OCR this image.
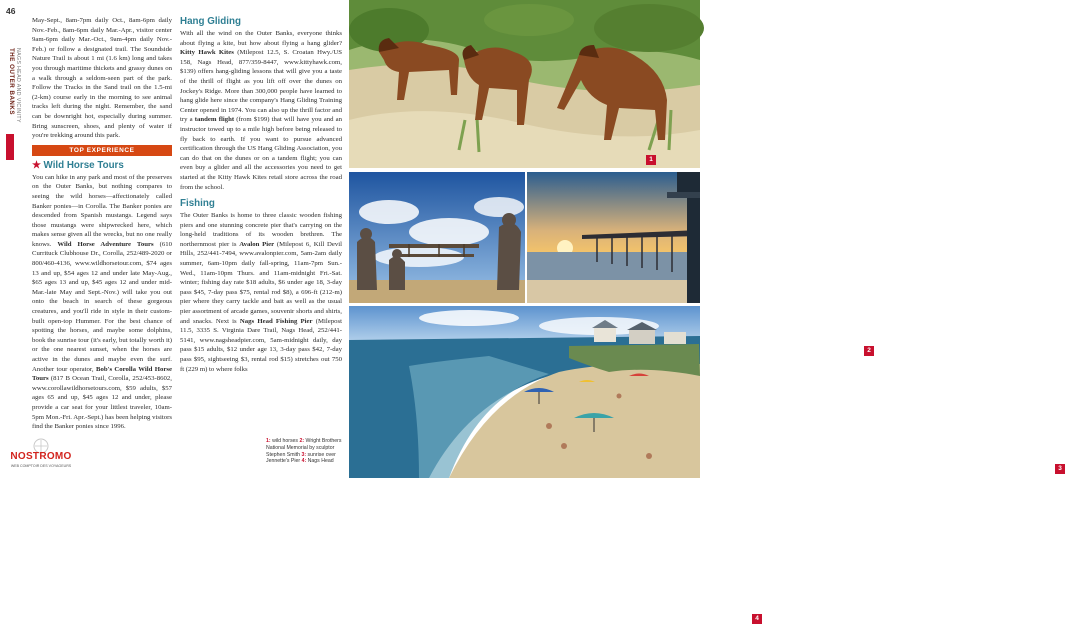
46
THE OUTER BANKS NAGS HEAD AND VICINITY

May-Sept., 8am-7pm daily Oct., 8am-6pm daily Nov.-Feb., 8am-6pm daily Mar.-Apr., visitor center 9am-6pm daily Mar.-Oct., 9am-4pm daily Nov.-Feb.) or follow a designated trail. The Soundside Nature Trail is about 1 mi (1.6 km) long and takes you through maritime thickets and grassy dunes on a walk through a seldom-seen part of the park. Follow the Tracks in the Sand trail on the 1.5-mi (2-km) course early in the morning to see animal tracks left during the night. Remember, the sand can be downright hot, especially during summer. Bring sunscreen, shoes, and plenty of water if you're trekking around this park.

TOP EXPERIENCE
★ Wild Horse Tours

You can hike in any park and most of the preserves on the Outer Banks, but nothing compares to seeing the wild horses—affectionately called Banker ponies—in Corolla. The Banker ponies are descended from Spanish mustangs. Legend says those mustangs were shipwrecked here, which makes sense given all the wrecks, but no one really knows. Wild Horse Adventure Tours (610 Currituck Clubhouse Dr., Corolla, 252/489-2020 or 800/460-4136, www.wildhorsetour.com, $74 ages 13 and up, $54 ages 12 and under late May-Aug., $65 ages 13 and up, $45 ages 12 and under mid-Mar.-late May and Sept.-Nov.) will take you out onto the beach in search of these gorgeous creatures, and you'll ride in style in their custom-built open-top Hummer. For the best chance of spotting the horses, and maybe some dolphins, book the sunrise tour (it's early, but totally worth it) or the one nearest sunset, when the horses are active in the dunes and maybe even the surf. Another tour operator, Bob's Corolla Wild Horse Tours (817 B Ocean Trail, Corolla, 252/453-8602, www.corollawildhorsetours.com, $59 adults, $57 ages 65 and up, $45 ages 12 and under, please provide a car seat for your littlest traveler, 10am-5pm Mon.-Fri. Apr.-Sept.) has been helping visitors find the Banker ponies since 1996.

Hang Gliding

With all the wind on the Outer Banks, everyone thinks about flying a kite, but how about flying a hang glider? Kitty Hawk Kites (Milepost 12.5, S. Croatan Hwy./US 158, Nags Head, 877/359-8447, www.kittyhawk.com, $139) offers hang-gliding lessons that will give you a taste of the thrill of flight as you lift off over the dunes on Jockey's Ridge. More than 300,000 people have learned to hang glide here since the company's Hang Gliding Training Center opened in 1974. You can also up the thrill factor and try a tandem flight (from $199) that will have you and an instructor towed up to a mile high before being released to fly back to earth. If you want to pursue advanced certification through the US Hang Gliding Association, you can do that on the dunes or on a tandem flight; you can even buy a glider and all the accessories you need to get started at the Kitty Hawk Kites retail store across the road from the school.

Fishing

The Outer Banks is home to three classic wooden fishing piers and one stunning concrete pier that's carrying on the long-held traditions of its wooden brethren. The northernmost pier is Avalon Pier (Milepost 6, Kill Devil Hills, 252/441-7494, www.avalonpier.com, 5am-2am daily summer, 6am-10pm daily fall-spring, 11am-7pm Sun.-Wed., 11am-10pm Thurs. and 11am-midnight Fri.-Sat. winter; fishing day rate $18 adults, $6 under age 18, 3-day pass $45, 7-day pass $75, rental rod $8), a 696-ft (212-m) pier where they carry tackle and bait as well as the usual pier assortment of arcade games, souvenir shorts and shirts, and snacks. Next is Nags Head Fishing Pier (Milepost 11.5, 3335 S. Virginia Dare Trail, Nags Head, 252/441-5141, www.nagsheadpier.com, 5am-midnight daily, day pass $15 adults, $12 under age 13, 3-day pass $42, 7-day pass $95, sightseeing $3, rental rod $15) stretches out 750 ft (229 m) to where folks

1
2
3
4
1: wild horses 2: Wright Brothers National Memorial by sculptor Stephen Smith 3: sunrise over Jennette's Pier 4: Nags Head
NOSTROMO
WEB COMPTOIR DES VOYAGEURS
